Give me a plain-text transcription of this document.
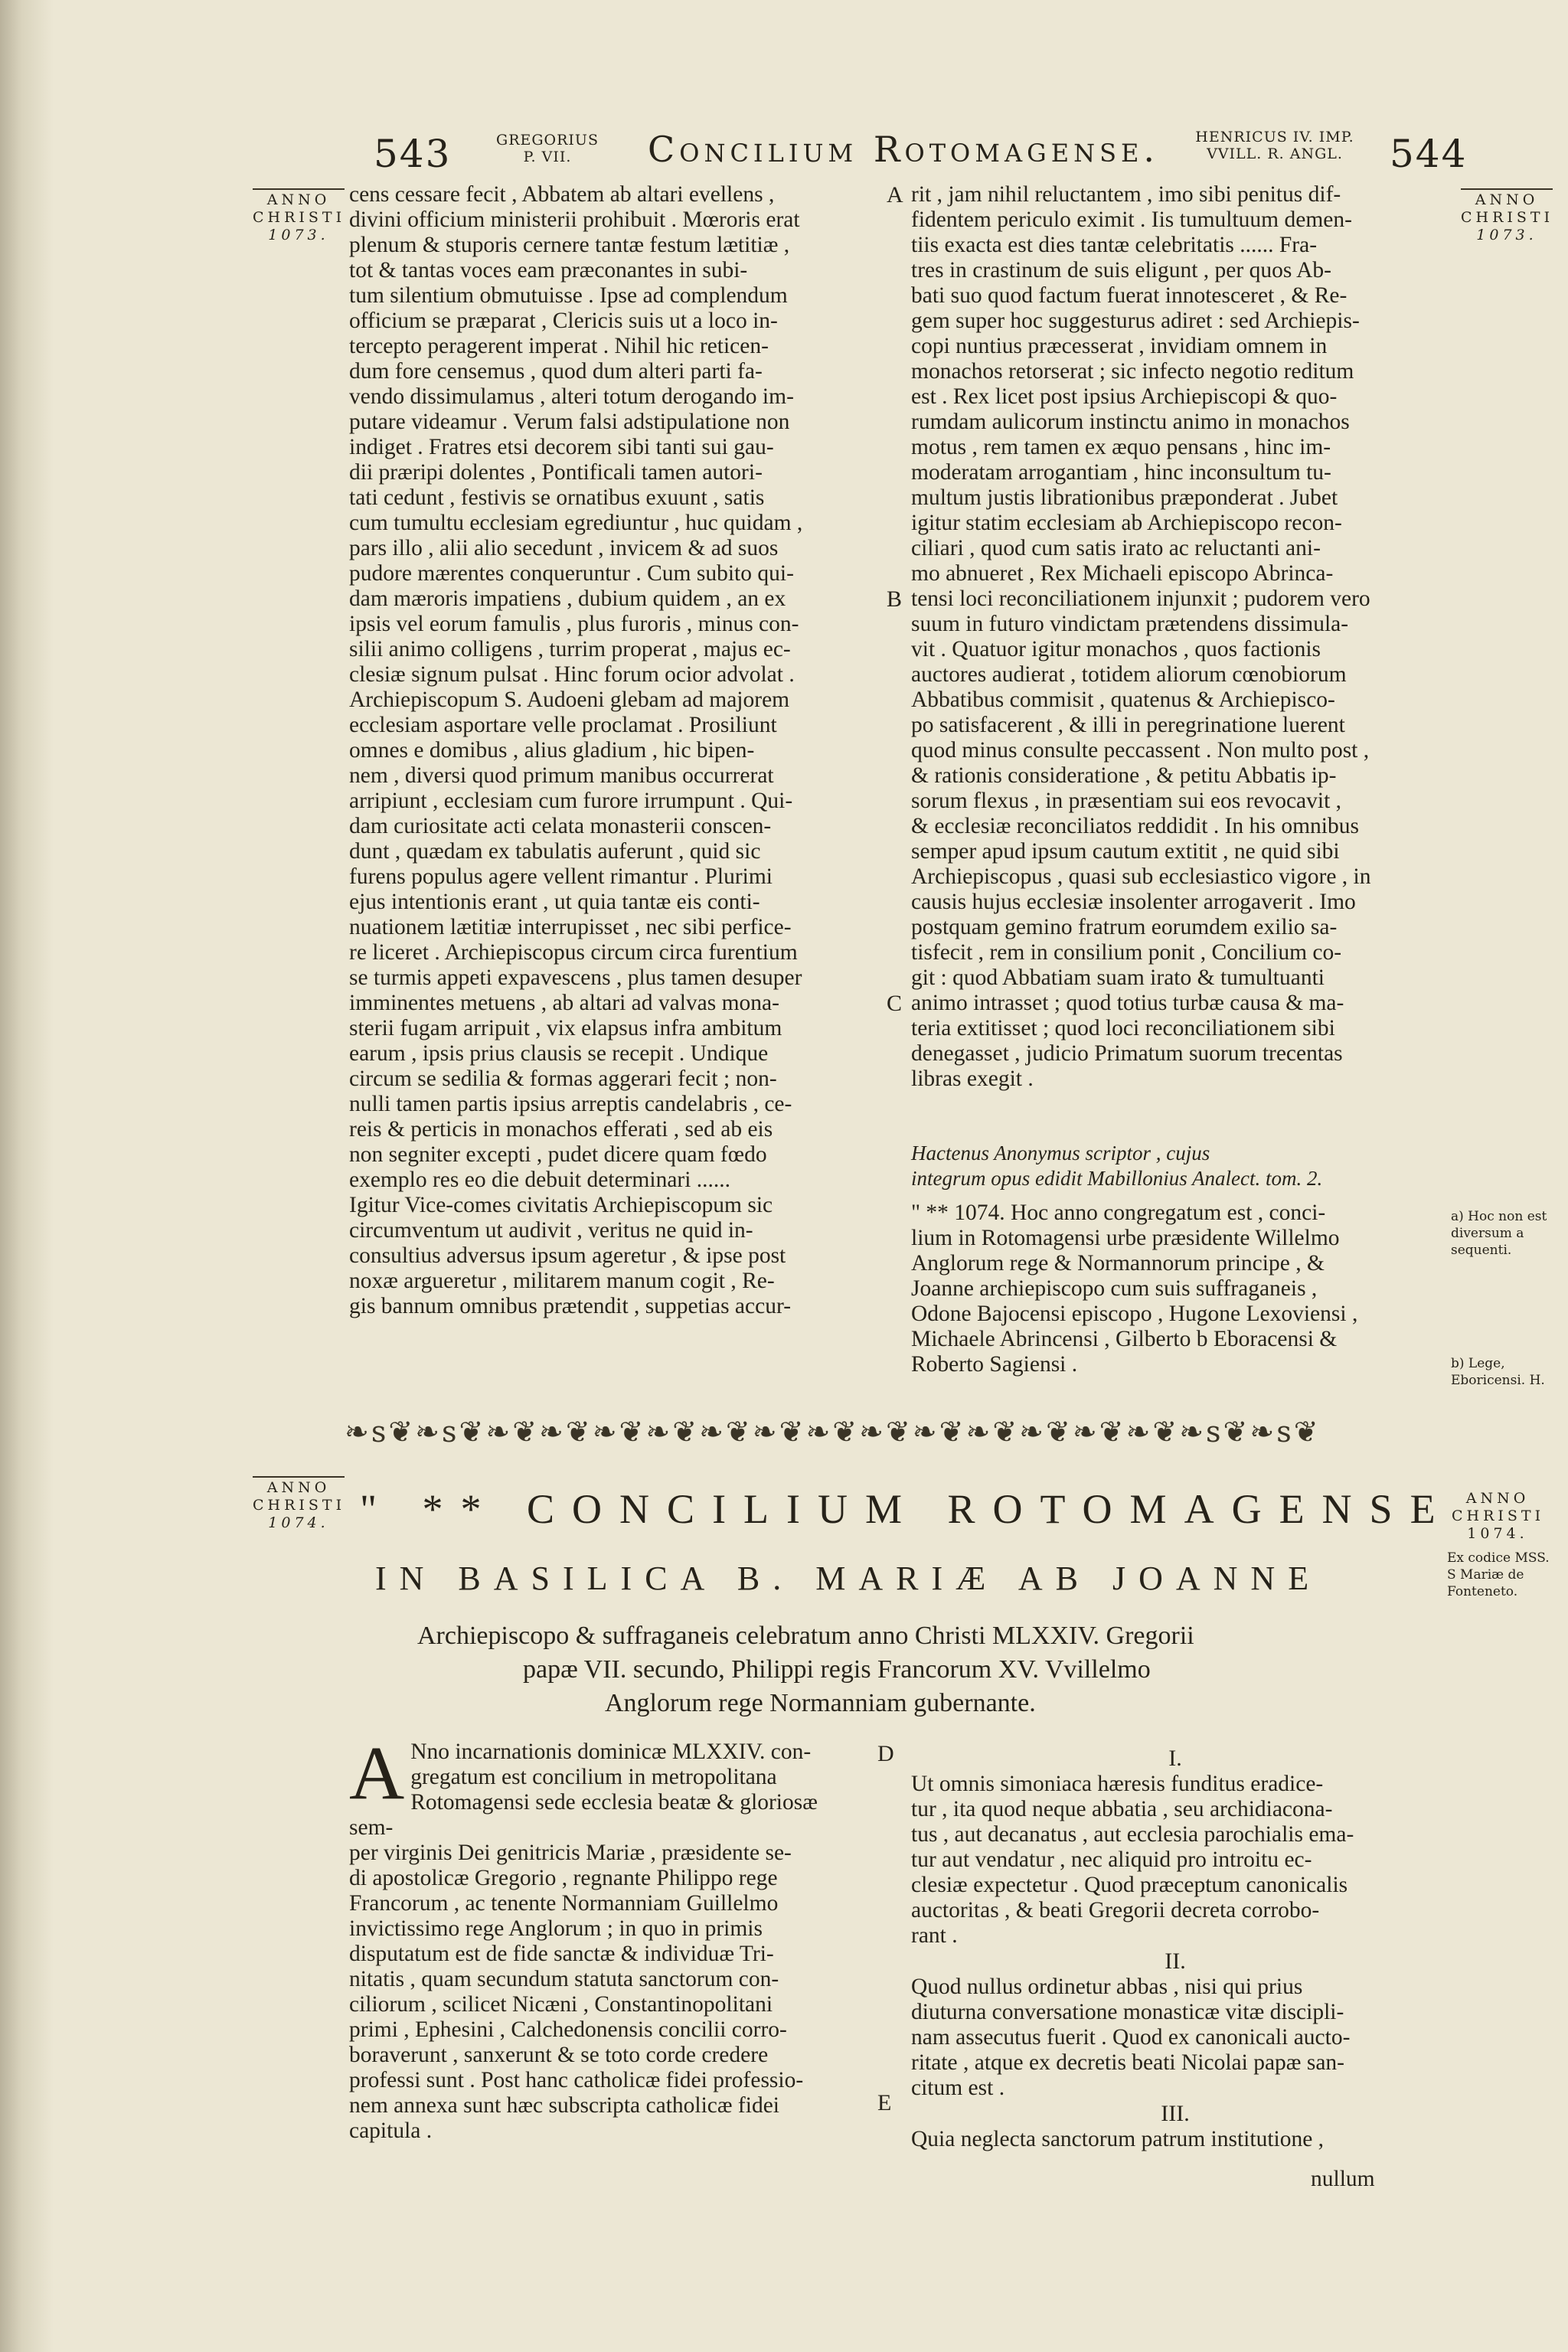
543	GREGORIUS
P. VII.	Concilium Rotomagense.	HENRICUS IV. IMP.
VVILL. R. ANGL.	544
ANNO
CHRISTI
1073.
ANNO
CHRISTI
1073.
cens cessare fecit , Abbatem ab altari evellens ,
divini officium ministerii prohibuit . Mœroris erat
plenum & stuporis cernere tantæ festum lætitiæ ,
tot & tantas voces eam præconantes in subi-
tum silentium obmutuisse . Ipse ad complendum
officium se præparat , Clericis suis ut a loco in-
tercepto peragerent imperat . Nihil hic reticen-
dum fore censemus , quod dum alteri parti fa-
vendo dissimulamus , alteri totum derogando im-
putare videamur . Verum falsi adstipulatione non
indiget . Fratres etsi decorem sibi tanti sui gau-
dii præripi dolentes , Pontificali tamen autori-
tati cedunt , festivis se ornatibus exuunt , satis
cum tumultu ecclesiam egrediuntur , huc quidam ,
pars illo , alii alio secedunt , invicem & ad suos
pudore mærentes conqueruntur . Cum subito qui-
dam mæroris impatiens , dubium quidem , an ex
ipsis vel eorum famulis , plus furoris , minus con-
silii animo colligens , turrim properat , majus ec-
clesiæ signum pulsat . Hinc forum ocior advolat .
Archiepiscopum S. Audoeni glebam ad majorem
ecclesiam asportare velle proclamat . Prosiliunt
omnes e domibus , alius gladium , hic bipen-
nem , diversi quod primum manibus occurrerat
arripiunt , ecclesiam cum furore irrumpunt . Qui-
dam curiositate acti celata monasterii conscen-
dunt , quædam ex tabulatis auferunt , quid sic
furens populus agere vellent rimantur . Plurimi
ejus intentionis erant , ut quia tantæ eis conti-
nuationem lætitiæ interrupisset , nec sibi perfice-
re liceret . Archiepiscopus circum circa furentium
se turmis appeti expavescens , plus tamen desuper
imminentes metuens , ab altari ad valvas mona-
sterii fugam arripuit , vix elapsus infra ambitum
earum , ipsis prius clausis se recepit . Undique
circum se sedilia & formas aggerari fecit ; non-
nulli tamen partis ipsius arreptis candelabris , ce-
reis & perticis in monachos efferati , sed ab eis
non segniter excepti , pudet dicere quam fœdo
exemplo res eo die debuit determinari ......
Igitur Vice-comes civitatis Archiepiscopum sic
circumventum ut audivit , veritus ne quid in-
consultius adversus ipsum ageretur , & ipse post
noxæ argueretur , militarem manum cogit , Re-
gis bannum omnibus prætendit , suppetias accur-
A
B
C
rit , jam nihil reluctantem , imo sibi penitus dif-
fidentem periculo eximit . Iis tumultuum demen-
tiis exacta est dies tantæ celebritatis ...... Fra-
tres in crastinum de suis eligunt , per quos Ab-
bati suo quod factum fuerat innotesceret , & Re-
gem super hoc suggesturus adiret : sed Archiepis-
copi nuntius præcesserat , invidiam omnem in
monachos retorserat ; sic infecto negotio reditum
est . Rex licet post ipsius Archiepiscopi & quo-
rumdam aulicorum instinctu animo in monachos
motus , rem tamen ex æquo pensans , hinc im-
moderatam arrogantiam , hinc inconsultum tu-
multum justis librationibus præponderat . Jubet
igitur statim ecclesiam ab Archiepiscopo recon-
ciliari , quod cum satis irato ac reluctanti ani-
mo abnueret , Rex Michaeli episcopo Abrinca-
tensi loci reconciliationem injunxit ; pudorem vero
suum in futuro vindictam prætendens dissimula-
vit . Quatuor igitur monachos , quos factionis
auctores audierat , totidem aliorum cœnobiorum
Abbatibus commisit , quatenus & Archiepisco-
po satisfacerent , & illi in peregrinatione luerent
quod minus consulte peccassent . Non multo post ,
& rationis consideratione , & petitu Abbatis ip-
sorum flexus , in præsentiam sui eos revocavit ,
& ecclesiæ reconciliatos reddidit . In his omnibus
semper apud ipsum cautum extitit , ne quid sibi
Archiepiscopus , quasi sub ecclesiastico vigore , in
causis hujus ecclesiæ insolenter arrogaverit . Imo
postquam gemino fratrum eorumdem exilio sa-
tisfecit , rem in consilium ponit , Concilium co-
git : quod Abbatiam suam irato & tumultuanti
animo intrasset ; quod totius turbæ causa & ma-
teria extitisset ; quod loci reconciliationem sibi
denegasset , judicio Primatum suorum trecentas
libras exegit .
Hactenus Anonymus scriptor , cujus
integrum opus edidit Mabillonius Analect. tom. 2.
" ** 1074. Hoc anno congregatum est , conci-
lium in Rotomagensi urbe præsidente Willelmo
Anglorum rege & Normannorum principe , &
Joanne archiepiscopo cum suis suffraganeis ,
Odone Bajocensi episcopo , Hugone Lexoviensi ,
Michaele Abrincensi , Gilberto b Eboracensi &
Roberto Sagiensi .
a) Hoc non est diversum a sequenti.
b) Lege, Eboricensi. H.
❧s❦❧s❦❧❦❧❦❧❦❧❦❧❦❧❦❧❦❧❦❧❦❧❦❧❦❧❦❧❦❧s❦❧s❦
ANNO
CHRISTI
1074.
ANNO
CHRISTI
1074.
Ex codice MSS. S Mariæ de Fonteneto.
" ** CONCILIUM ROTOMAGENSE
IN BASILICA B. MARIÆ AB JOANNE
Archiepiscopo & suffraganeis celebratum anno Christi MLXXIV. Gregorii
papæ VII. secundo, Philippi regis Francorum XV. Vvillelmo
Anglorum rege Normanniam gubernante.
A Nno incarnationis dominicæ MLXXIV. con-
gregatum est concilium in metropolitana
Rotomagensi sede ecclesia beatæ & gloriosæ sem-
per virginis Dei genitricis Mariæ , præsidente se-
di apostolicæ Gregorio , regnante Philippo rege
Francorum , ac tenente Normanniam Guillelmo
invictissimo rege Anglorum ; in quo in primis
disputatum est de fide sanctæ & individuæ Tri-
nitatis , quam secundum statuta sanctorum con-
ciliorum , scilicet Nicæni , Constantinopolitani
primi , Ephesini , Calchedonensis concilii corro-
boraverunt , sanxerunt & se toto corde credere
professi sunt . Post hanc catholicæ fidei professio-
nem annexa sunt hæc subscripta catholicæ fidei
capitula .
D
E
I.
Ut omnis simoniaca hæresis funditus eradice-
tur , ita quod neque abbatia , seu archidiacona-
tus , aut decanatus , aut ecclesia parochialis ema-
tur aut vendatur , nec aliquid pro introitu ec-
clesiæ expectetur . Quod præceptum canonicalis
auctoritas , & beati Gregorii decreta corrobo-
rant .
II.
Quod nullus ordinetur abbas , nisi qui prius
diuturna conversatione monasticæ vitæ discipli-
nam assecutus fuerit . Quod ex canonicali aucto-
ritate , atque ex decretis beati Nicolai papæ san-
citum est .
III.
Quia neglecta sanctorum patrum institutione ,
nullum
